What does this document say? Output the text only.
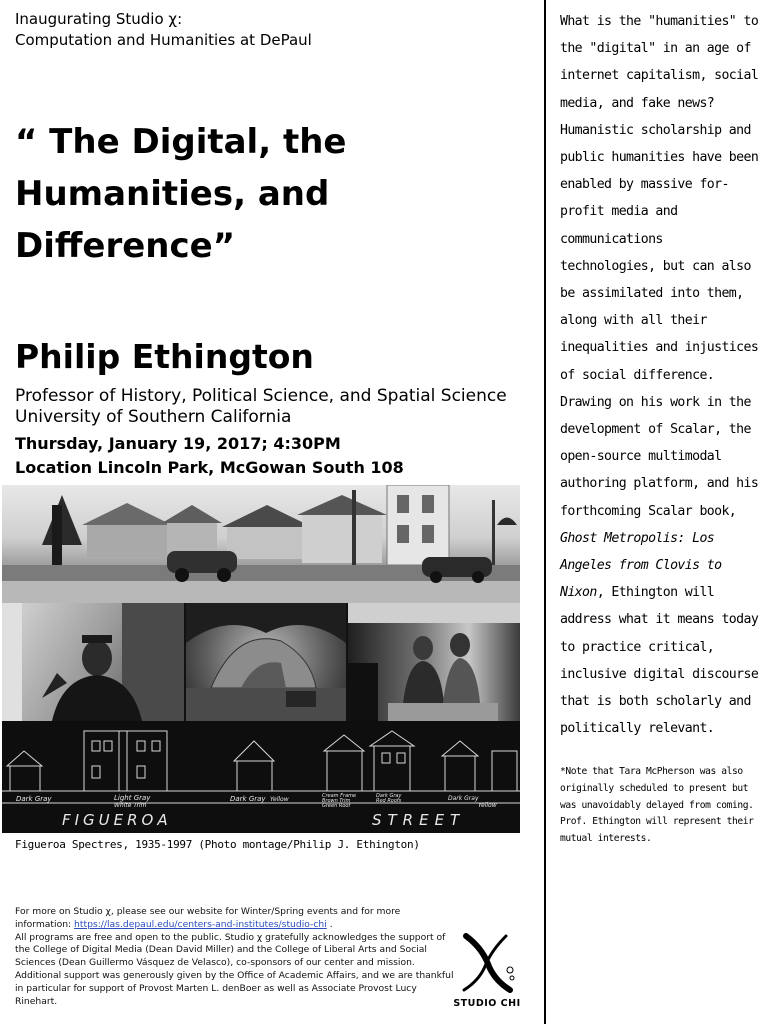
Inaugurating Studio χ:
Computation and Humanities at DePaul
“ The Digital, the
Humanities, and
Difference”
Philip Ethington
Professor of History, Political Science, and Spatial Science
University of Southern California
Thursday, January 19, 2017; 4:30PM
Location Lincoln Park, McGowan South 108
Dark Gray	Light Gray
White Trim
Dark Gray Yellow	Cream Frame
Brown Trim
Green Roof
Dark Gray
Red Roofs	Dark Gray
Yellow
FIGUEROA	STREET
Figueroa Spectres, 1935-1997 (Photo montage/Philip J. Ethington)
For more on Studio χ, please see our website for Winter/Spring events and for more
information: https://las.depaul.edu/centers-and-institutes/studio-chi .
All programs are free and open to the public. Studio χ gratefully acknowledges the support of the College of Digital Media (Dean David Miller) and the College of Liberal Arts and Social Sciences (Dean Guillermo Vásquez de Velasco), co-sponsors of our center and mission. Additional support was generously given by the Office of Academic Affairs, and we are thankful in particular for support of Provost Marten L. denBoer as well as Associate Provost Lucy Rinehart.	STUDIO CHI

What is the "humanities" to the "digital" in an age of internet capitalism, social media, and fake news? Humanistic scholarship and public humanities have been enabled by massive for-profit media and communications technologies, but can also be assimilated into them, along with all their inequalities and injustices of social difference. Drawing on his work in the development of Scalar, the open-source multimodal authoring platform, and his forthcoming Scalar book, Ghost Metropolis: Los Angeles from Clovis to Nixon, Ethington will address what it means today to practice critical, inclusive digital discourse that is both scholarly and politically relevant.

*Note that Tara McPherson was also originally scheduled to present but was unavoidably delayed from coming. Prof. Ethington will represent their mutual interests.
